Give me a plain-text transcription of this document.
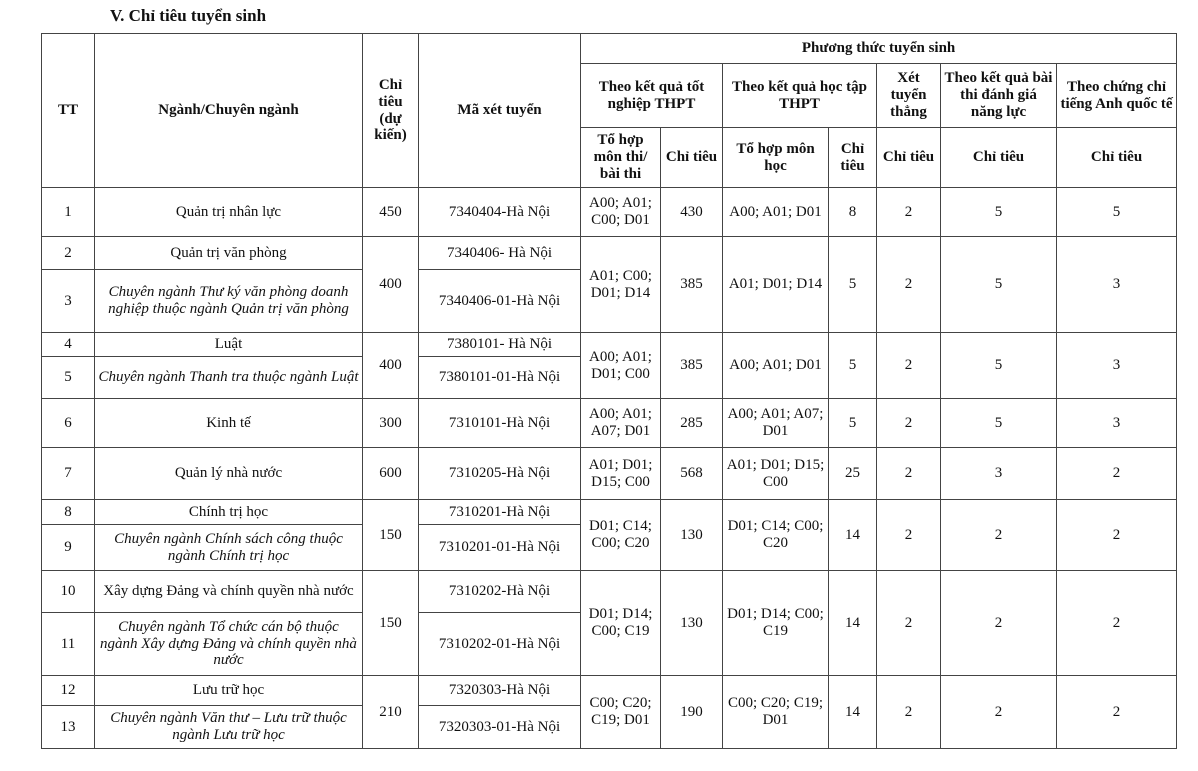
V. Chỉ tiêu tuyển sinh
TT	Ngành/Chuyên ngành	Chỉ tiêu (dự kiến)	Mã xét tuyển	Phương thức tuyển sinh						
				Theo kết quả tốt nghiệp THPT		Theo kết quả học tập THPT		Xét tuyển thẳng	Theo kết quả bài thi đánh giá năng lực	Theo chứng chỉ tiếng Anh quốc tế
				Tổ hợp môn thi/ bài thi	Chỉ tiêu	Tổ hợp môn học	Chỉ tiêu	Chỉ tiêu	Chỉ tiêu	Chỉ tiêu
1	Quản trị nhân lực	450	7340404-Hà Nội	A00; A01; C00; D01	430	A00; A01; D01	8	2	5	5
2	Quản trị văn phòng	400	7340406- Hà Nội	A01; C00; D01; D14	385	A01; D01; D14	5	2	5	3
3	Chuyên ngành Thư ký văn phòng doanh nghiệp thuộc ngành Quản trị văn phòng		7340406-01-Hà Nội							
4	Luật	400	7380101- Hà Nội	A00; A01; D01; C00	385	A00; A01; D01	5	2	5	3
5	Chuyên ngành Thanh tra thuộc ngành Luật		7380101-01-Hà Nội							
6	Kinh tế	300	7310101-Hà Nội	A00; A01; A07; D01	285	A00; A01; A07; D01	5	2	5	3
7	Quản lý nhà nước	600	7310205-Hà Nội	A01; D01; D15; C00	568	A01; D01; D15; C00	25	2	3	2
8	Chính trị học	150	7310201-Hà Nội	D01; C14; C00; C20	130	D01; C14; C00; C20	14	2	2	2
9	Chuyên ngành Chính sách công thuộc ngành Chính trị học		7310201-01-Hà Nội							
10	Xây dựng Đảng và chính quyền nhà nước	150	7310202-Hà Nội	D01; D14; C00; C19	130	D01; D14; C00; C19	14	2	2	2
11	Chuyên ngành Tổ chức cán bộ thuộc ngành Xây dựng Đảng và chính quyền nhà nước		7310202-01-Hà Nội							
12	Lưu trữ học	210	7320303-Hà Nội	C00; C20; C19; D01	190	C00; C20; C19; D01	14	2	2	2
13	Chuyên ngành Văn thư – Lưu trữ thuộc ngành Lưu trữ học		7320303-01-Hà Nội							
